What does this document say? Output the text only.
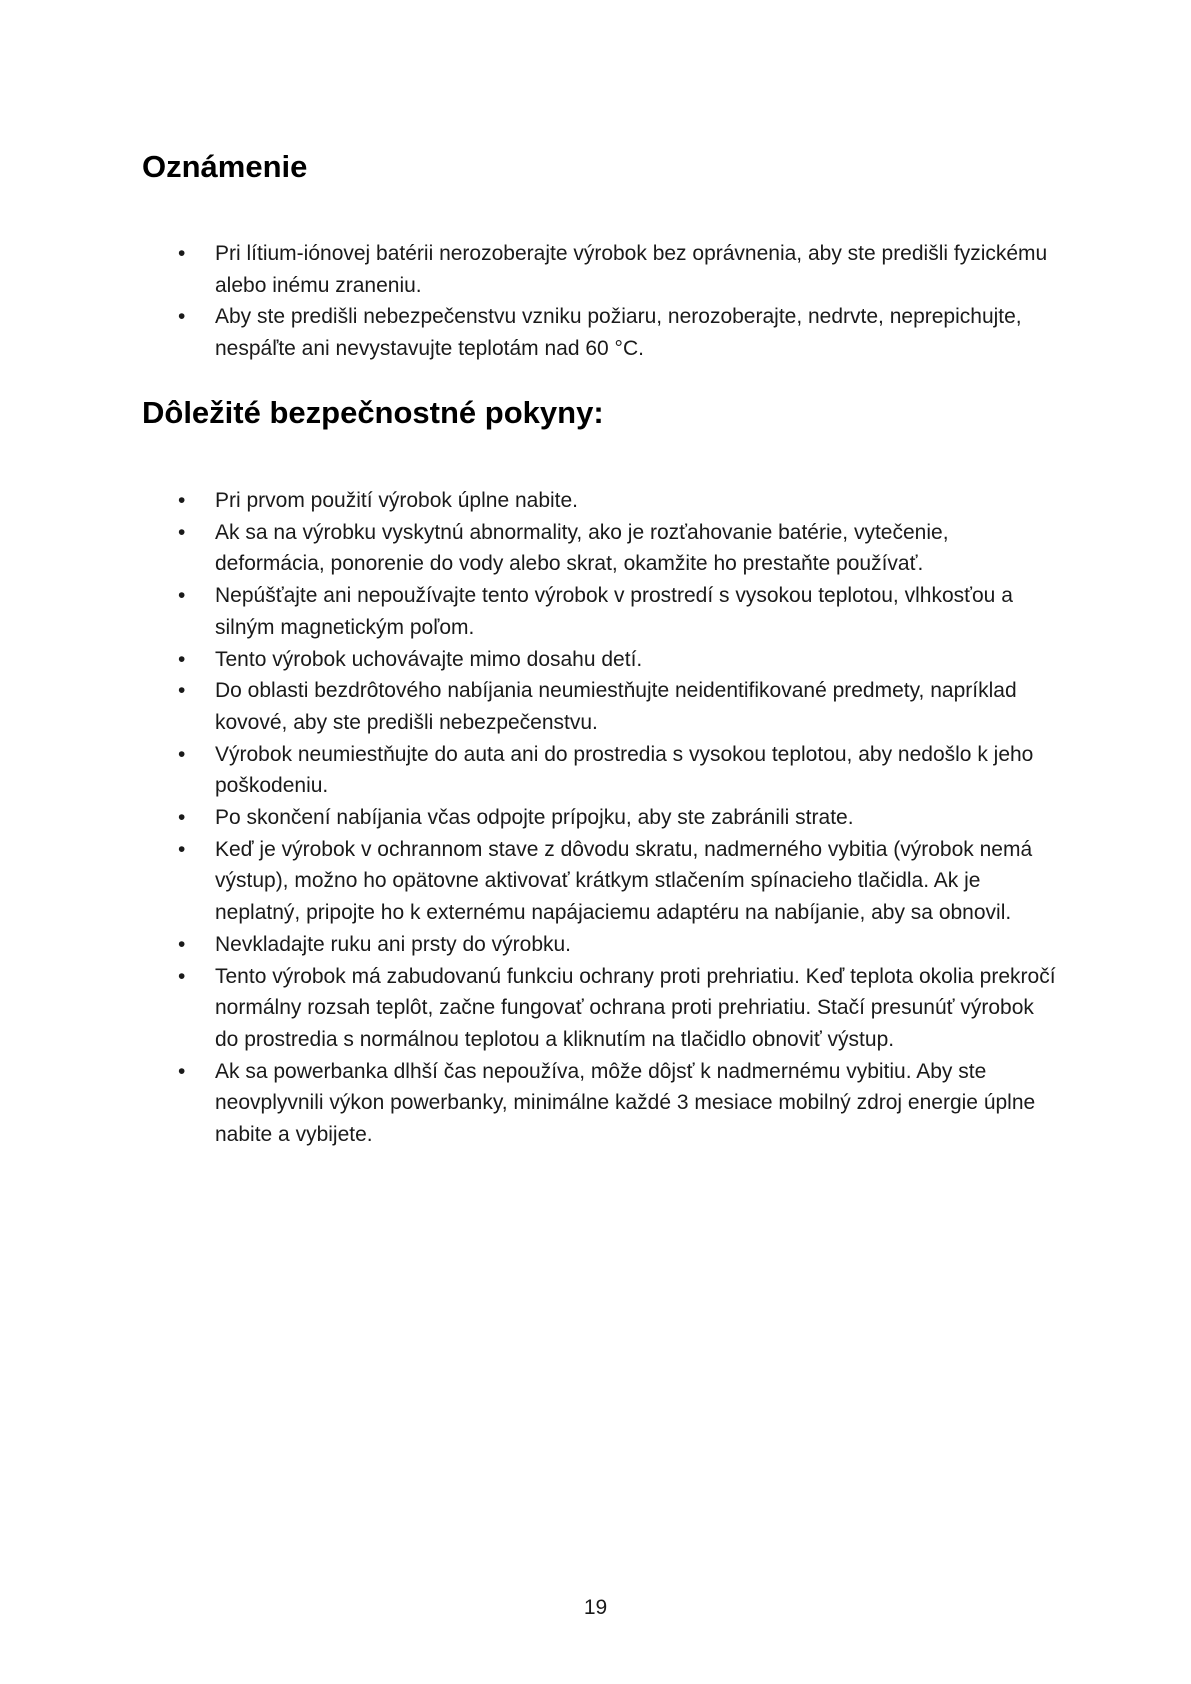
Oznámenie
•	Pri lítium-iónovej batérii nerozoberajte výrobok bez oprávnenia, aby ste predišli fyzickému alebo inému zraneniu.
•	Aby ste predišli nebezpečenstvu vzniku požiaru, nerozoberajte, nedrvte, neprepichujte, nespáľte ani nevystavujte teplotám nad 60 °C.
Dôležité bezpečnostné pokyny:
•	Pri prvom použití výrobok úplne nabite.
•	Ak sa na výrobku vyskytnú abnormality, ako je rozťahovanie batérie, vytečenie, deformácia, ponorenie do vody alebo skrat, okamžite ho prestaňte používať.
•	Nepúšťajte ani nepoužívajte tento výrobok v prostredí s vysokou teplotou, vlhkosťou a silným magnetickým poľom.
•	Tento výrobok uchovávajte mimo dosahu detí.
•	Do oblasti bezdrôtového nabíjania neumiestňujte neidentifikované predmety, napríklad kovové, aby ste predišli nebezpečenstvu.
•	Výrobok neumiestňujte do auta ani do prostredia s vysokou teplotou, aby nedošlo k jeho poškodeniu.
•	Po skončení nabíjania včas odpojte prípojku, aby ste zabránili strate.
•	Keď je výrobok v ochrannom stave z dôvodu skratu, nadmerného vybitia (výrobok nemá výstup), možno ho opätovne aktivovať krátkym stlačením spínacieho tlačidla. Ak je neplatný, pripojte ho k externému napájaciemu adaptéru na nabíjanie, aby sa obnovil.
•	Nevkladajte ruku ani prsty do výrobku.
•	Tento výrobok má zabudovanú funkciu ochrany proti prehriatiu. Keď teplota okolia prekročí normálny rozsah teplôt, začne fungovať ochrana proti prehriatiu. Stačí presunúť výrobok do prostredia s normálnou teplotou a kliknutím na tlačidlo obnoviť výstup.
•	Ak sa powerbanka dlhší čas nepoužíva, môže dôjsť k nadmernému vybitiu. Aby ste neovplyvnili výkon powerbanky, minimálne každé 3 mesiace mobilný zdroj energie úplne nabite a vybijete.
19
